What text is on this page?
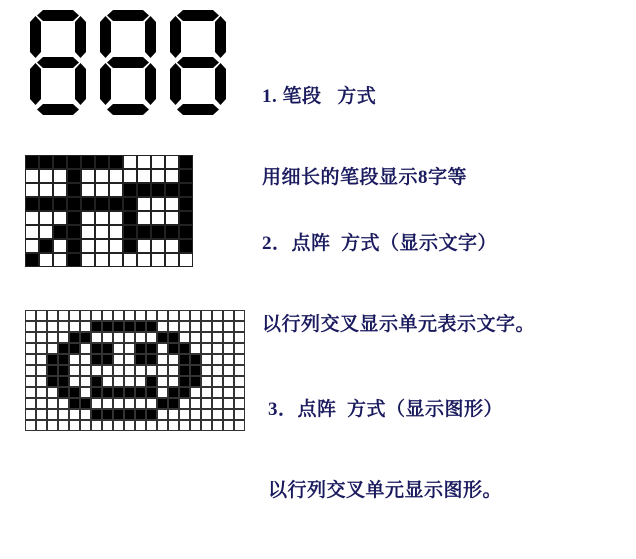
1. 笔段   方式

用细长的笔段显示8字等

2．点阵  方式（显示文字）

以行列交叉显示单元表示文字。

3．点阵  方式（显示图形）

以行列交叉单元显示图形。
